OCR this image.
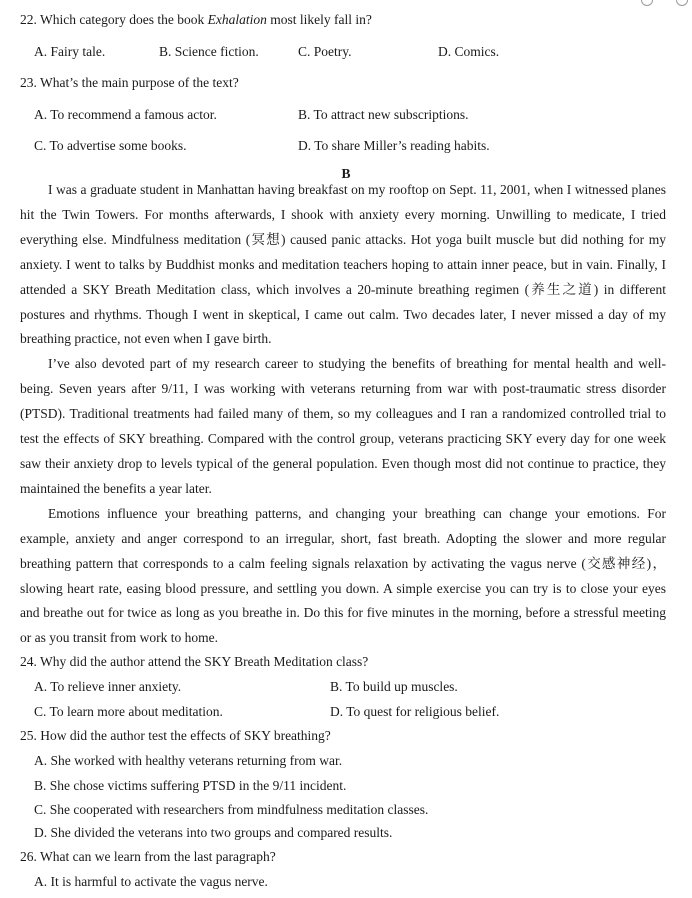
22. Which category does the book Exhalation most likely fall in?
A. Fairy tale.	B. Science fiction.	C. Poetry.	D. Comics.
23. What’s the main purpose of the text?
A. To recommend a famous actor.	B. To attract new subscriptions.
C. To advertise some books.	D. To share Miller’s reading habits.
B

I was a graduate student in Manhattan having breakfast on my rooftop on Sept. 11, 2001, when I witnessed planes hit the Twin Towers. For months afterwards, I shook with anxiety every morning. Unwilling to medicate, I tried everything else. Mindfulness meditation (冥想) caused panic attacks. Hot yoga built muscle but did nothing for my anxiety. I went to talks by Buddhist monks and meditation teachers hoping to attain inner peace, but in vain. Finally, I attended a SKY Breath Meditation class, which involves a 20-minute breathing regimen (养生之道) in different postures and rhythms. Though I went in skeptical, I came out calm. Two decades later, I never missed a day of my breathing practice, not even when I gave birth.

I’ve also devoted part of my research career to studying the benefits of breathing for mental health and well-being. Seven years after 9/11, I was working with veterans returning from war with post-traumatic stress disorder (PTSD). Traditional treatments had failed many of them, so my colleagues and I ran a randomized controlled trial to test the effects of SKY breathing. Compared with the control group, veterans practicing SKY every day for one week saw their anxiety drop to levels typical of the general population. Even though most did not continue to practice, they maintained the benefits a year later.

Emotions influence your breathing patterns, and changing your breathing can change your emotions. For example, anxiety and anger correspond to an irregular, short, fast breath. Adopting the slower and more regular breathing pattern that corresponds to a calm feeling signals relaxation by activating the vagus nerve (交感神经)，slowing heart rate, easing blood pressure, and settling you down. A simple exercise you can try is to close your eyes and breathe out for twice as long as you breathe in. Do this for five minutes in the morning, before a stressful meeting or as you transit from work to home.

24. Why did the author attend the SKY Breath Meditation class?
A. To relieve inner anxiety.	B. To build up muscles.
C. To learn more about meditation.	D. To quest for religious belief.
25. How did the author test the effects of SKY breathing?
A. She worked with healthy veterans returning from war.
B. She chose victims suffering PTSD in the 9/11 incident.
C. She cooperated with researchers from mindfulness meditation classes.
D. She divided the veterans into two groups and compared results.
26. What can we learn from the last paragraph?
A. It is harmful to activate the vagus nerve.
